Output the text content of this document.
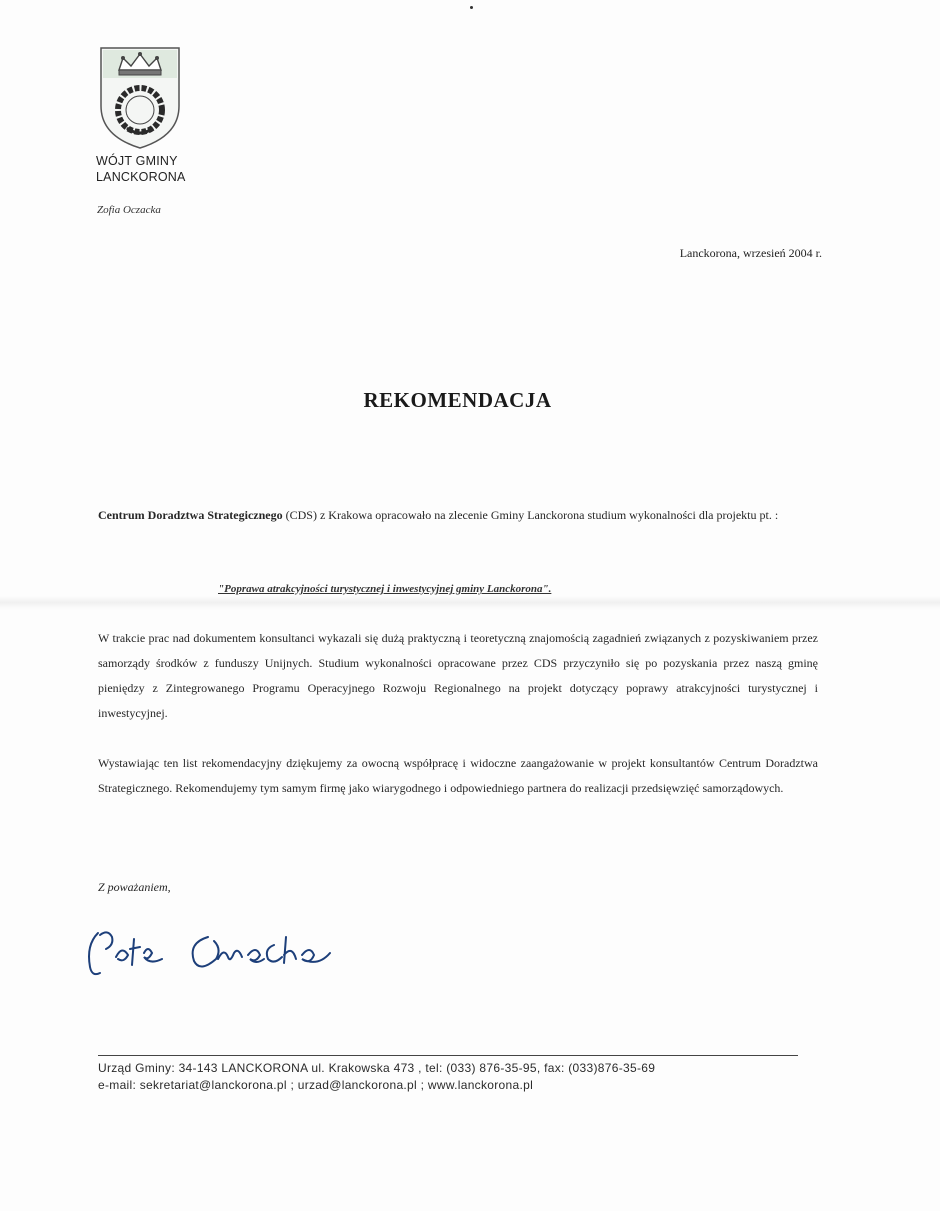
WÓJT GMINY
LANCKORONA
Zofia Oczacka
Lanckorona, wrzesień 2004 r.
REKOMENDACJA
Centrum Doradztwa Strategicznego (CDS) z Krakowa opracowało na zlecenie Gminy Lanckorona studium wykonalności dla projektu pt. :
"Poprawa atrakcyjności turystycznej i inwestycyjnej gminy Lanckorona".
W trakcie prac nad dokumentem konsultanci wykazali się dużą praktyczną i teoretyczną znajomością zagadnień związanych z pozyskiwaniem przez samorządy środków z funduszy Unijnych. Studium wykonalności opracowane przez CDS przyczyniło się po pozyskania przez naszą gminę pieniędzy z Zintegrowanego Programu Operacyjnego Rozwoju Regionalnego na projekt dotyczący poprawy atrakcyjności turystycznej i inwestycyjnej.
Wystawiając ten list rekomendacyjny dziękujemy za owocną współpracę i widoczne zaangażowanie w projekt konsultantów Centrum Doradztwa Strategicznego. Rekomendujemy tym samym firmę jako wiarygodnego i odpowiedniego partnera do realizacji przedsięwzięć samorządowych.
Z poważaniem,
Urząd Gminy: 34-143 LANCKORONA ul. Krakowska 473 , tel: (033) 876-35-95, fax: (033)876-35-69
e-mail: sekretariat@lanckorona.pl ; urzad@lanckorona.pl ; www.lanckorona.pl
